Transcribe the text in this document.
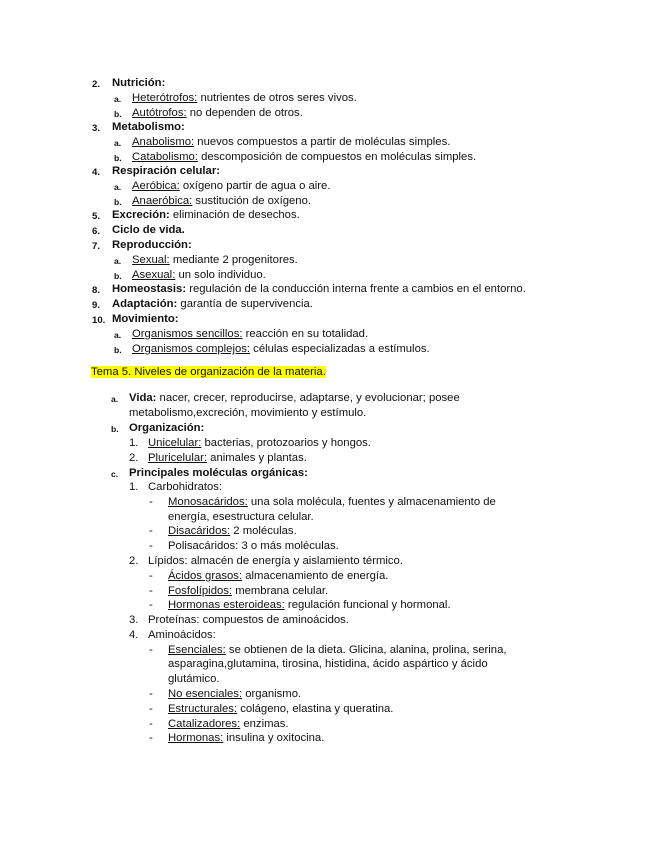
2. Nutrición:
a. Heterótrofos: nutrientes de otros seres vivos.
b. Autótrofos: no dependen de otros.
3. Metabolismo:
a. Anabolismo: nuevos compuestos a partir de moléculas simples.
b. Catabolismo: descomposición de compuestos en moléculas simples.
4. Respiración celular:
a. Aeróbica: oxígeno partir de agua o aire.
b. Anaeróbica: sustitución de oxígeno.
5. Excreción: eliminación de desechos.
6. Ciclo de vida.
7. Reproducción:
a. Sexual: mediante 2 progenitores.
b. Asexual: un solo individuo.
8. Homeostasis: regulación de la conducción interna frente a cambios en el entorno.
9. Adaptación: garantía de supervivencia.
10. Movimiento:
a. Organismos sencillos: reacción en su totalidad.
b. Organismos complejos: células especializadas a estímulos.
Tema 5. Niveles de organización de la materia.
a. Vida: nacer, crecer, reproducirse, adaptarse, y evolucionar; posee
metabolismo,excreción, movimiento y estímulo.
b. Organización:
1. Unicelular: bacterias, protozoarios y hongos.
2. Pluricelular: animales y plantas.
c. Principales moléculas orgánicas:
1. Carbohidratos:
- Monosacáridos: una sola molécula, fuentes y almacenamiento de
energía, esestructura celular.
- Disacáridos: 2 moléculas.
- Polisacáridos: 3 o más moléculas.
2. Lípidos: almacén de energía y aislamiento térmico.
- Ácidos grasos: almacenamiento de energía.
- Fosfolípidos: membrana celular.
- Hormonas esteroideas: regulación funcional y hormonal.
3. Proteínas: compuestos de aminoácidos.
4. Aminoácidos:
- Esenciales: se obtienen de la dieta. Glicina, alanina, prolina, serina,
asparagina,glutamina, tirosina, histidina, ácido aspártico y ácido
glutámico.
- No esenciales: organismo.
- Estructurales: colágeno, elastina y queratina.
- Catalizadores: enzimas.
- Hormonas: insulina y oxitocina.
